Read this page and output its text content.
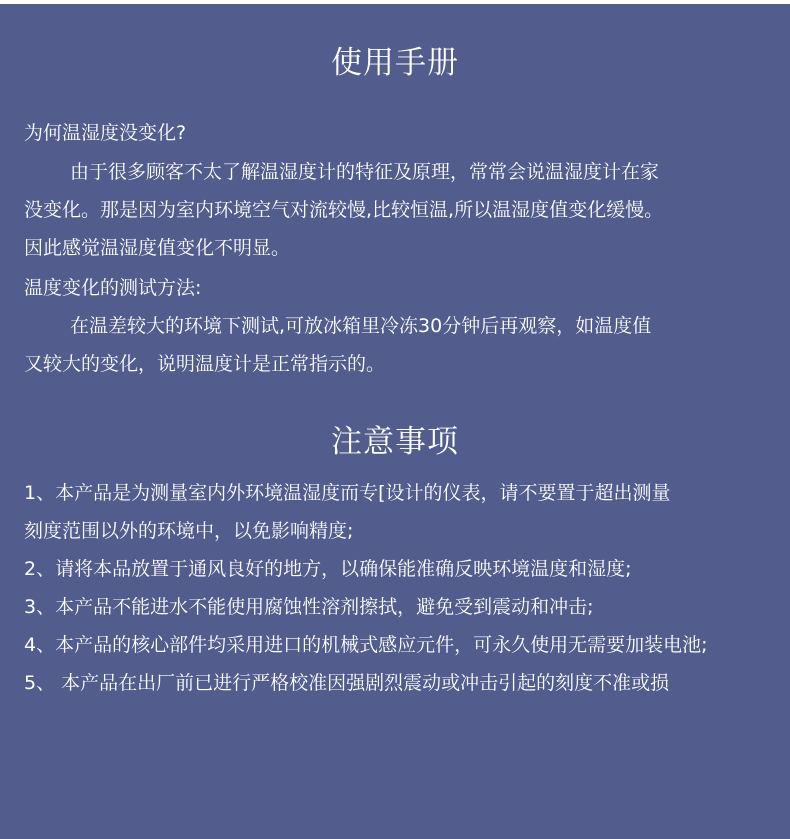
使用手册
为何温湿度没变化?
由于很多顾客不太了解温湿度计的特征及原理，常常会说温湿度计在家
没变化。那是因为室内环境空气对流较慢,比较恒温,所以温湿度值变化缓慢。
因此感觉温湿度值变化不明显。
温度变化的测试方法:
在温差较大的环境下测试,可放冰箱里冷冻30分钟后再观察，如温度值
又较大的变化，说明温度计是正常指示的。
注意事项
1、本产品是为测量室内外环境温湿度而专[设计的仪表，请不要置于超出测量
刻度范围以外的环境中，以免影响精度;
2、请将本品放置于通风良好的地方，以确保能准确反映环境温度和湿度;
3、本产品不能进水不能使用腐蚀性溶剂擦拭，避免受到震动和冲击;
4、本产品的核心部件均采用进口的机械式感应元件，可永久使用无需要加装电池;
5、 本产品在出厂前已进行严格校准因强剧烈震动或冲击引起的刻度不准或损
